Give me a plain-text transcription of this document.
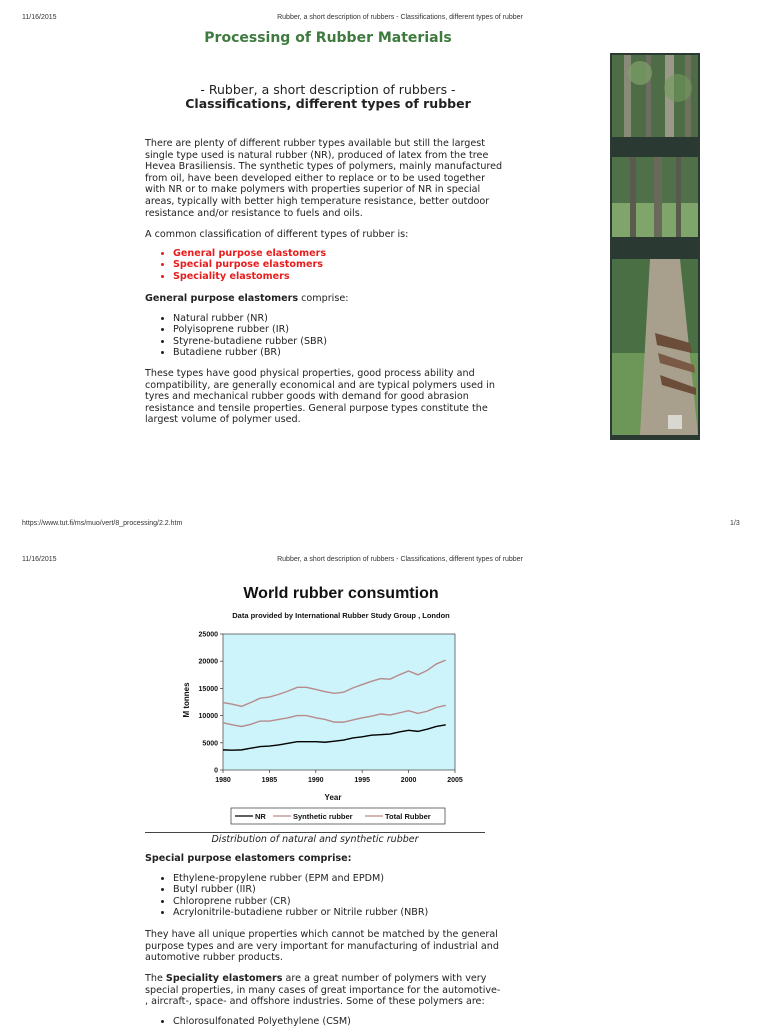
11/16/2015	Rubber, a short description of rubbers - Classifications, different types of rubber
Processing of Rubber Materials
- Rubber, a short description of rubbers -
Classifications, different types of rubber
There are plenty of different rubber types available but still the largest
single type used is natural rubber (NR), produced of latex from the tree
Hevea Brasiliensis. The synthetic types of polymers, mainly manufactured
from oil, have been developed either to replace or to be used together
with NR or to make polymers with properties superior of NR in special
areas, typically with better high temperature resistance, better outdoor
resistance and/or resistance to fuels and oils.
A common classification of different types of rubber is:
• General purpose elastomers
• Special purpose elastomers
• Speciality elastomers
General purpose elastomers comprise:
• Natural rubber (NR)
• Polyisoprene rubber (IR)
• Styrene-butadiene rubber (SBR)
• Butadiene rubber (BR)
These types have good physical properties, good process ability and
compatibility, are generally economical and are typical polymers used in
tyres and mechanical rubber goods with demand for good abrasion
resistance and tensile properties. General purpose types constitute the
largest volume of polymer used.
https://www.tut.fi/ms/muo/vert/8_processing/2.2.htm	1/3
11/16/2015	Rubber, a short description of rubbers - Classifications, different types of rubber
World rubber consumtion
Data provided by International Rubber Study Group , London
0
5000
10000
15000
20000
25000
1980	1985	1990	1995	2000	2005
M tonnes
Year
NR	Synthetic rubber	Total Rubber
Distribution of natural and synthetic rubber
Special purpose elastomers comprise:
• Ethylene-propylene rubber (EPM and EPDM)
• Butyl rubber (IIR)
• Chloroprene rubber (CR)
• Acrylonitrile-butadiene rubber or Nitrile rubber (NBR)
They have all unique properties which cannot be matched by the general
purpose types and are very important for manufacturing of industrial and
automotive rubber products.
The Speciality elastomers are a great number of polymers with very
special properties, in many cases of great importance for the automotive-
, aircraft-, space- and offshore industries. Some of these polymers are:
• Chlorosulfonated Polyethylene (CSM)
